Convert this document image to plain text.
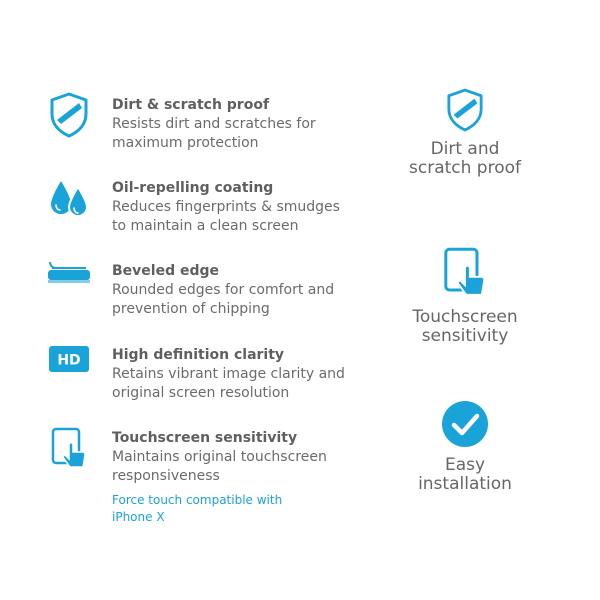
Dirt & scratch proof
Resists dirt and scratches for maximum protection
Oil-repelling coating
Reduces fingerprints & smudges to maintain a clean screen
Beveled edge
Rounded edges for comfort and prevention of chipping
HD High definition clarity
Retains vibrant image clarity and original screen resolution
Touchscreen sensitivity
Maintains original touchscreen responsiveness
Force touch compatible with iPhone X
Dirt and scratch proof
Touchscreen sensitivity
Easy installation
